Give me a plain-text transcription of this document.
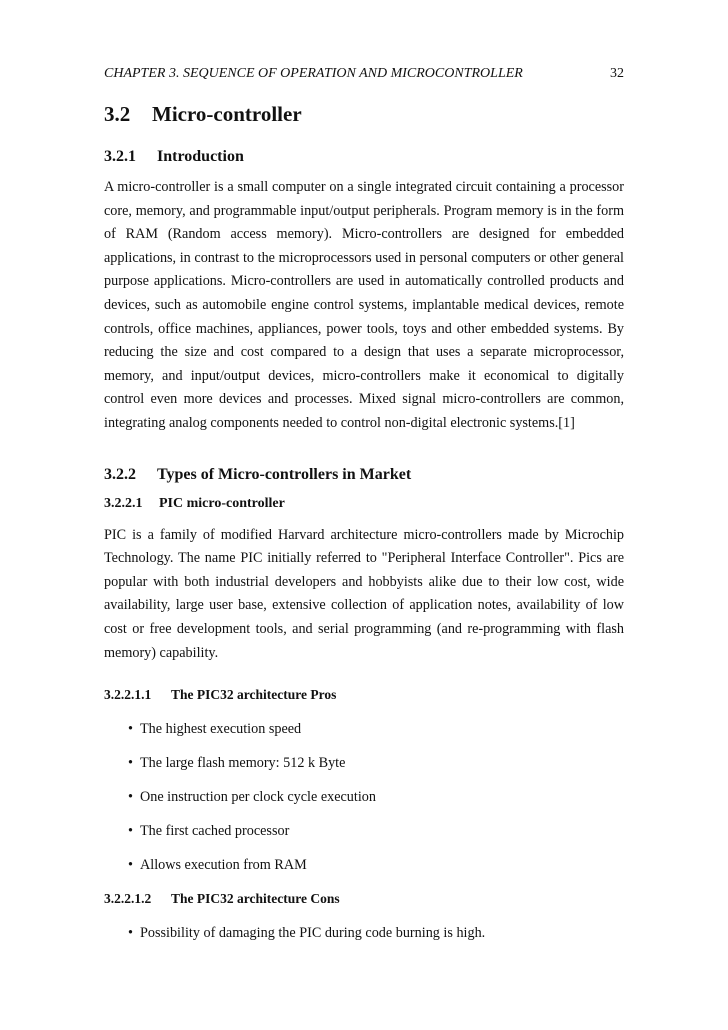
CHAPTER 3. SEQUENCE OF OPERATION AND MICROCONTROLLER	32
3.2 Micro-controller
3.2.1 Introduction

A micro-controller is a small computer on a single integrated circuit containing a processor core, memory, and programmable input/output peripherals. Program memory is in the form of RAM (Random access memory). Micro-controllers are designed for embedded applications, in contrast to the microprocessors used in personal computers or other general purpose applications. Micro-controllers are used in automatically controlled products and devices, such as automobile engine control systems, implantable medical devices, remote controls, office machines, appliances, power tools, toys and other embedded systems. By reducing the size and cost compared to a design that uses a separate microprocessor, memory, and input/output devices, micro-controllers make it economical to digitally control even more devices and processes. Mixed signal micro-controllers are common, integrating analog components needed to control non-digital electronic systems.[1]

3.2.2 Types of Micro-controllers in Market
3.2.2.1 PIC micro-controller

PIC is a family of modified Harvard architecture micro-controllers made by Microchip Technology. The name PIC initially referred to "Peripheral Interface Controller". Pics are popular with both industrial developers and hobbyists alike due to their low cost, wide availability, large user base, extensive collection of application notes, availability of low cost or free development tools, and serial programming (and re-programming with flash memory) capability.

3.2.2.1.1 The PIC32 architecture Pros
• The highest execution speed
• The large flash memory: 512 k Byte
• One instruction per clock cycle execution
• The first cached processor
• Allows execution from RAM
3.2.2.1.2 The PIC32 architecture Cons
• Possibility of damaging the PIC during code burning is high.
